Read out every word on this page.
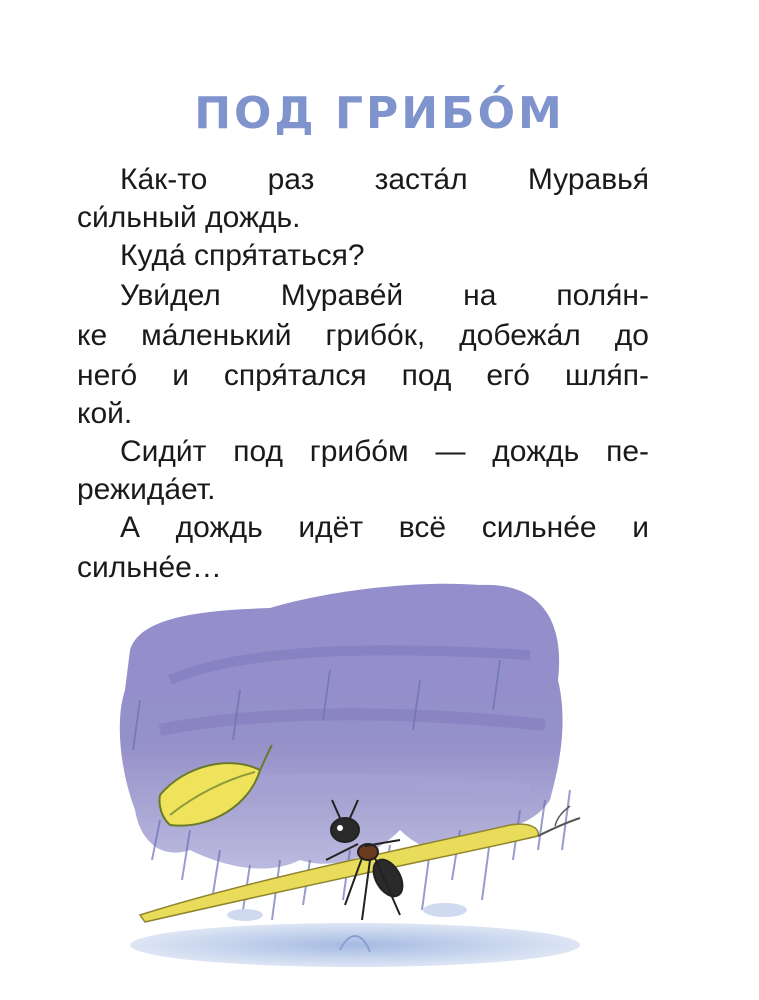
ПОД ГРИБО́М
Ка́к-то раз заста́л Муравья́
си́льный дождь.
Куда́ спря́таться?
Уви́дел Мураве́й на поля́н-
ке ма́ленький грибо́к, добежа́л до
него́ и спря́тался под его́ шля́п-
кой.
Сиди́т под грибо́м — дождь пе-
режида́ет.
А дождь идёт всё сильне́е и
сильне́е…
